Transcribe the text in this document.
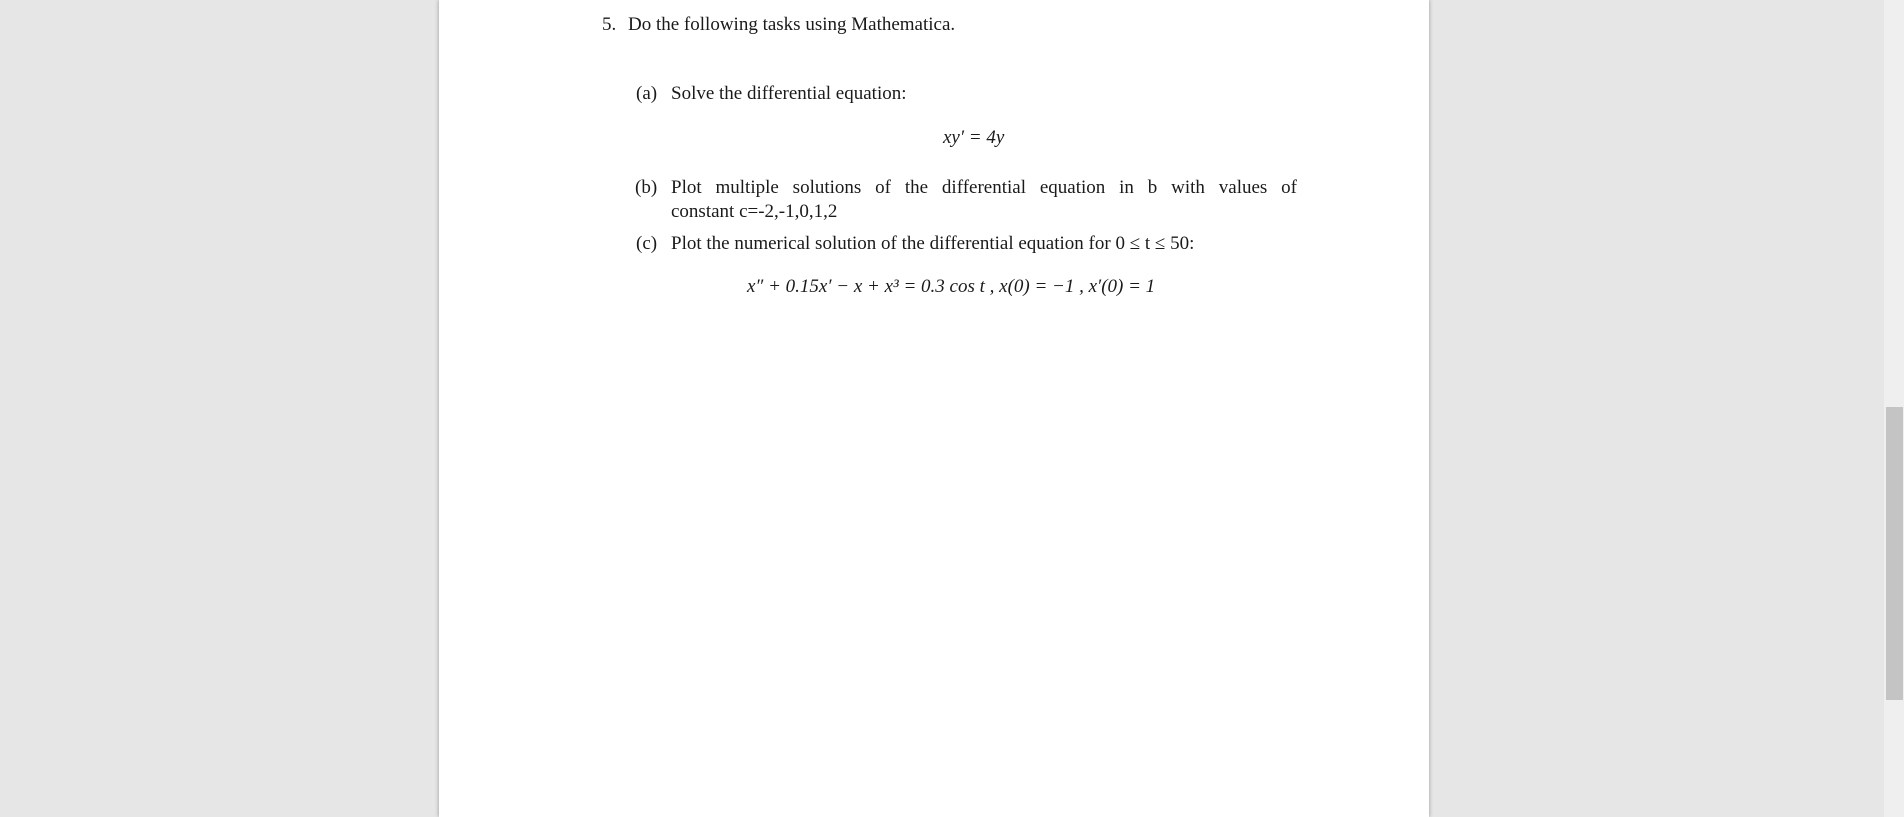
5. Do the following tasks using Mathematica.
(a) Solve the differential equation:
xy′ = 4y
(b) Plot multiple solutions of the differential equation in b with values of
constant c=-2,-1,0,1,2
(c) Plot the numerical solution of the differential equation for 0 ≤ t ≤ 50:
x″ + 0.15x′ − x + x³ = 0.3 cos t , x(0) = −1 , x′(0) = 1
